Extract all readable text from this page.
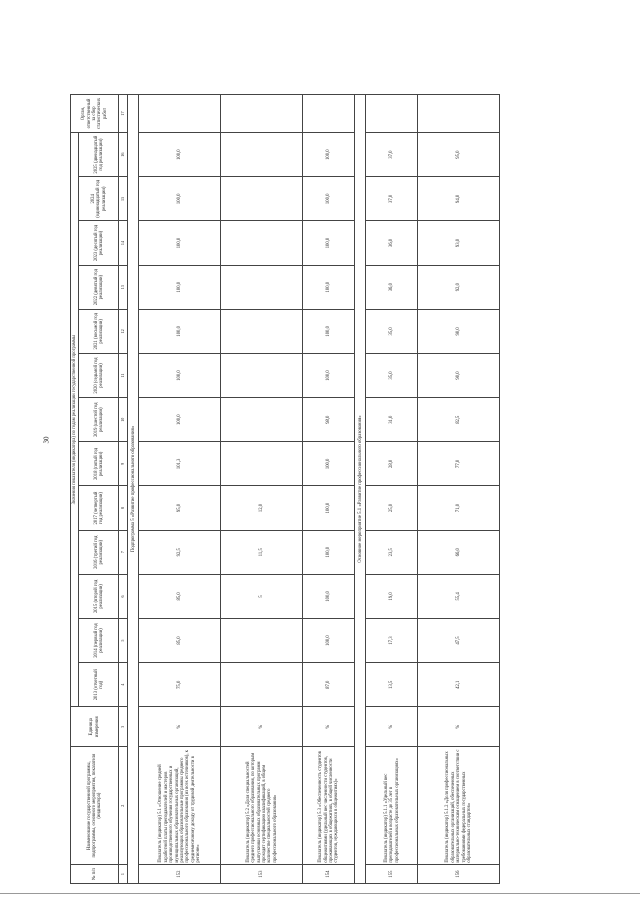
30
№ п/п	Наименование государственной программы, подпрограммы, основного мероприятия, показателя (индикатора)	Единица измерения	Значения показателя (индикатора) по годам реализации государственной программы													Орган, ответственный за сбор статистических работ
			2013 (отчетный год)	2014 (первый год реализации)	2015 (второй год реализации)	2016 (третий год реализации)	2017 (четвертый год реализации)	2018 (пятый год реализации)	2019 (шестой год реализации)	2020 (седьмой год реализации)	2021 (восьмой год реализации)	2022 (девятый год реализации)	2023 (десятый год реализации)	2024 (одиннадцатый год реализации)	2025 (двенадцатый год реализации)	
1	2	3	4	5	6	7	8	9	10	11	12	13	14	15	16	17
Подпрограмма 5 «Развитие профессионального образования»																
152	Показатель (индикатор) 5.1 «Отношение средней заработной платы преподавателей и мастеров производственного обучения государственных и муниципальных образовательных организаций, реализующих образовательные программы среднего профессионального образования (из всех источников), к среднемесячному доходу от трудовой деятельности в регионе»	%	75,0	85,0	85,0	92,5	95,0	101,3	100,0	100,0	100,0	100,0	100,0	100,0	100,0	
153	Показатель (индикатор) 5.2 «Доля специальностей среднего профессионального образования, по которым выпускники основных образовательных программ проходят сертификацию квалификаций, в общем количестве специальностей среднего профессионального образования»	%			5	11,5	12,0									
154	Показатель (индикатор) 5.3 «Обеспеченность студентов общежитиями (удельный вес численности студентов, проживающих в общежитиях, в общей численности студентов, нуждающихся в общежитиях)»	%	87,0	100,0	100,0	100,0	100,0	100,0	98,0	100,0	100,0	100,0	100,0	100,0	100,0	
Основное мероприятие 5.1 «Развитие профессионального образования»																
155	Показатель (индикатор) 5.1.1 «Удельный вес преподавателей в возрасте до 35 лет в профессиональных образовательных организациях»	%	13,5	17,3	19,0	23,5	25,0	28,0	31,0	35,0	35,0	36,0	36,0	37,0	37,0	
156	Показатель (индикатор) 5.1.2 «Доля профессиональных образовательных организаций, обеспеченных материально-техническим оснащением в соответствии с требованиями федеральных государственных образовательных стандартов»	%	42,1	47,5	55,4	66,0	71,0	77,0	82,5	90,0	90,0	92,0	93,0	94,0	95,0	
